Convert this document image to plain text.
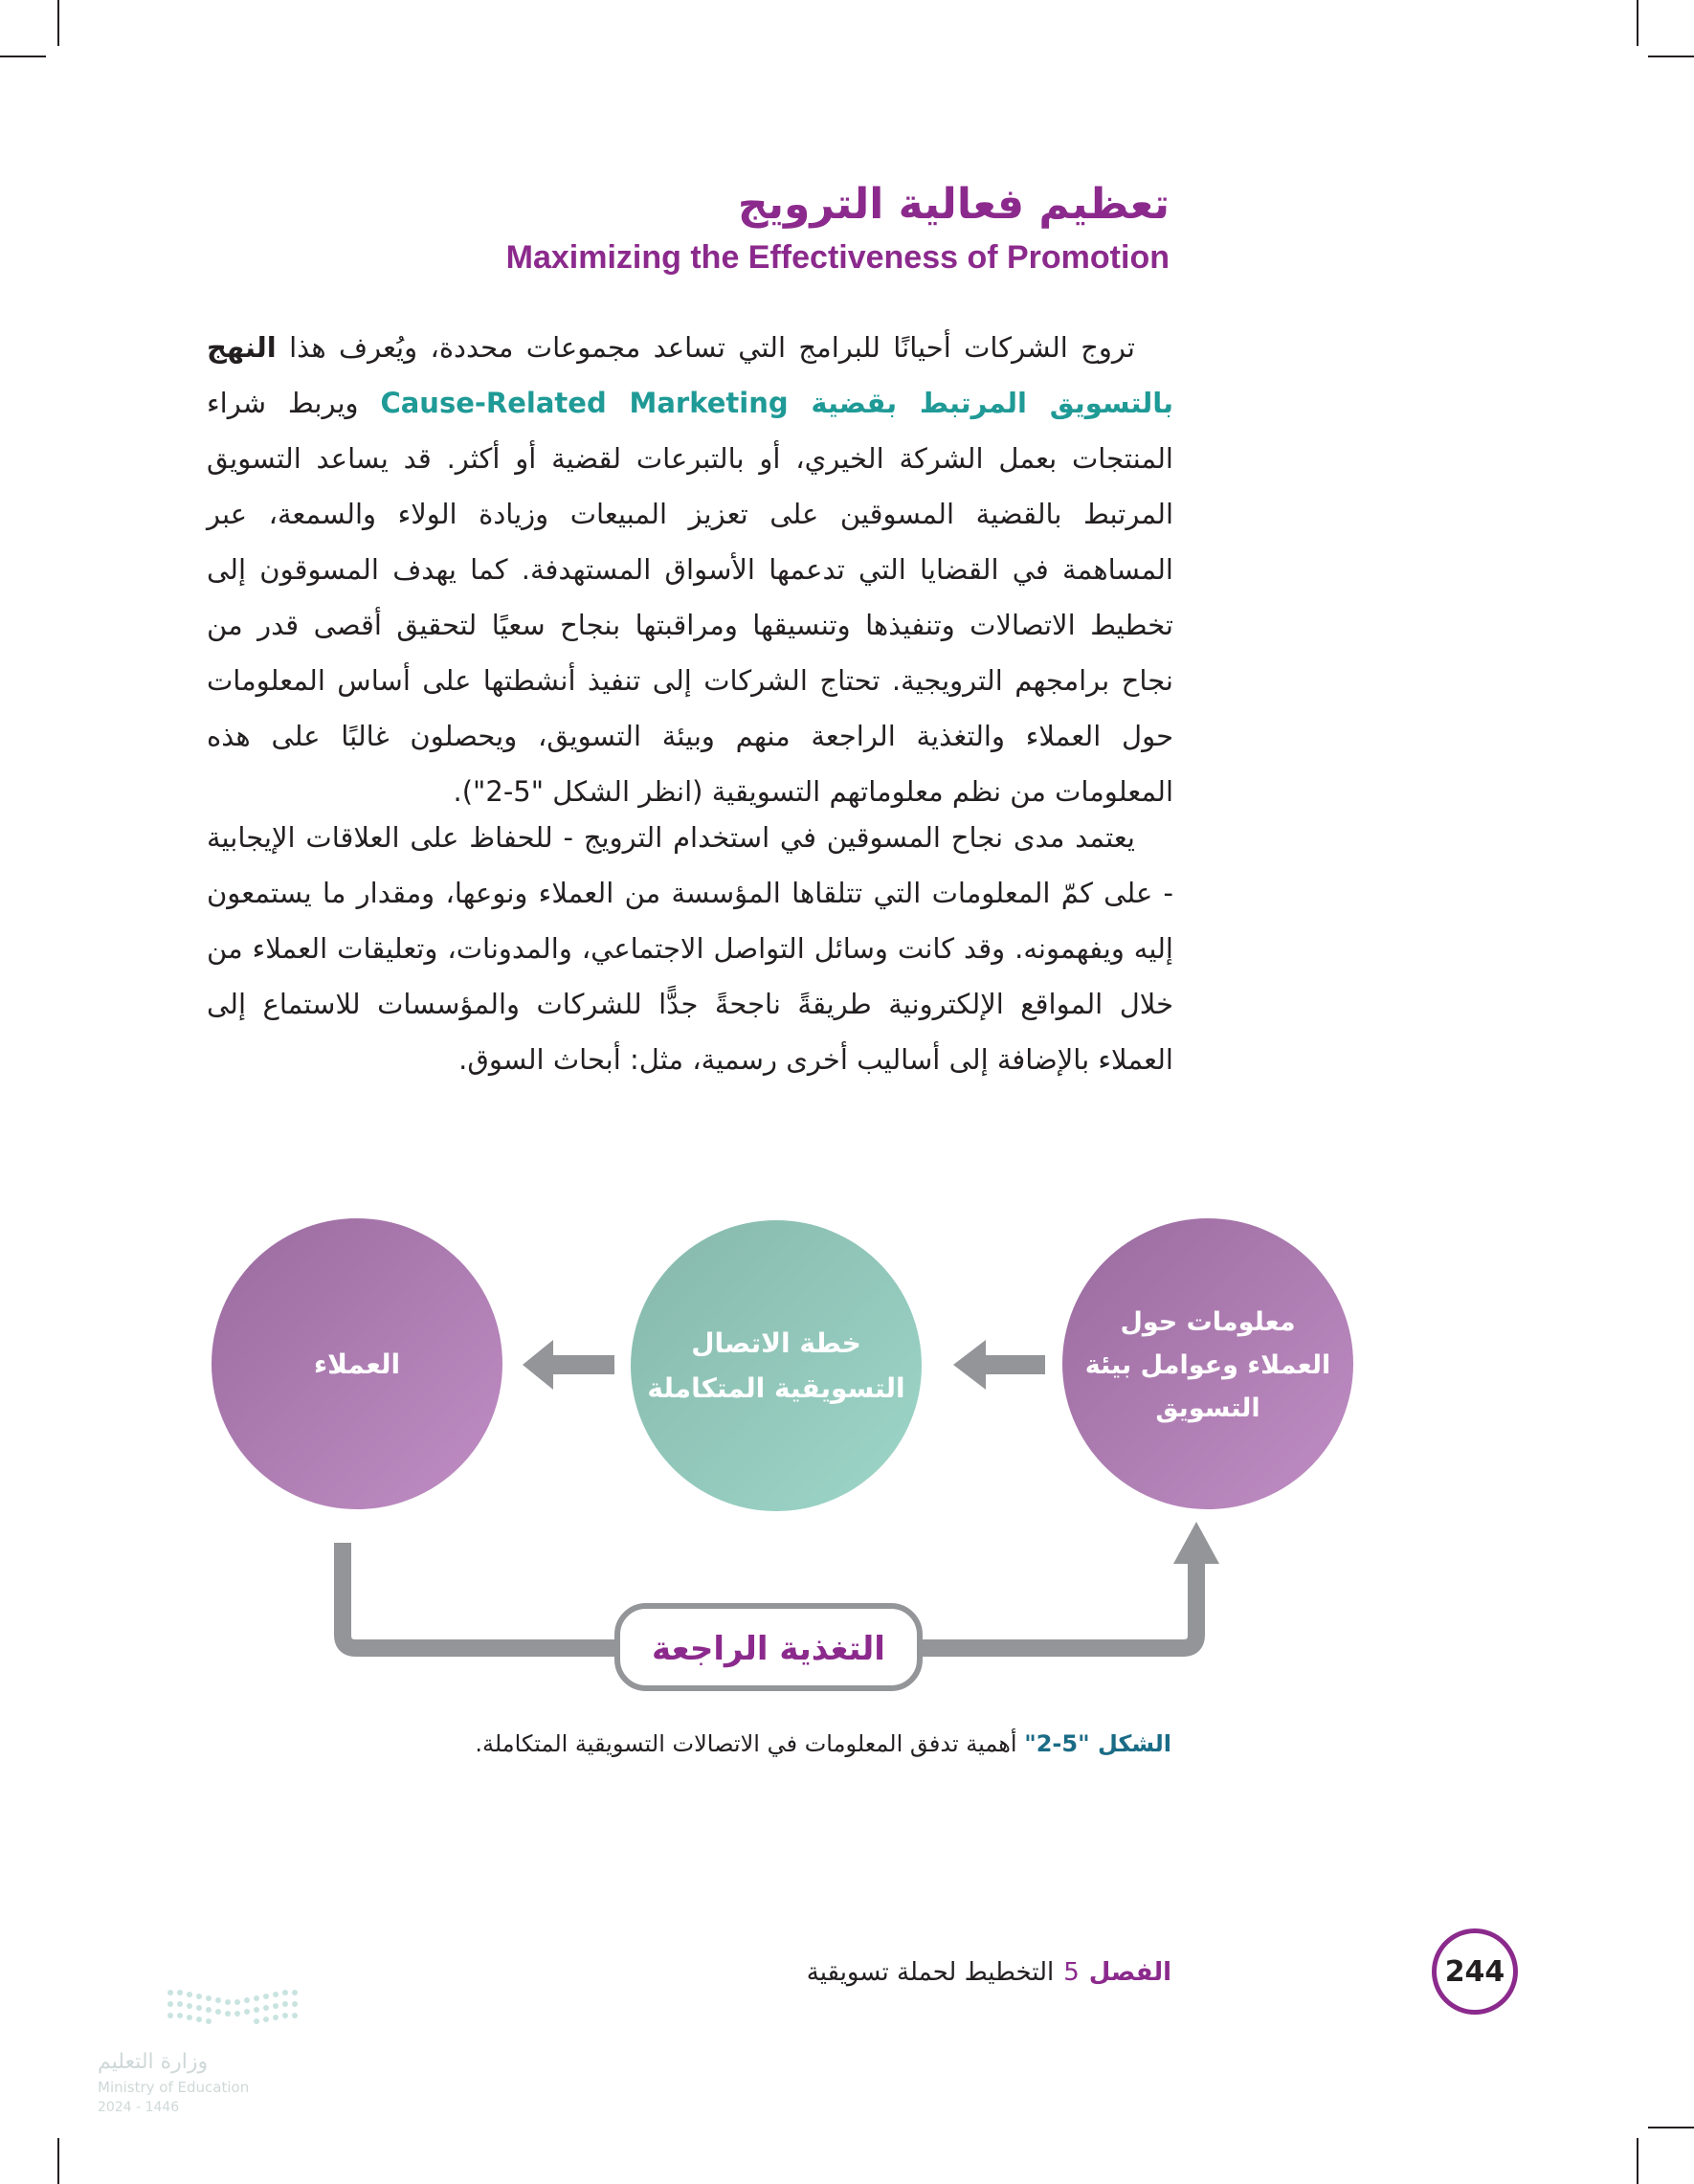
تعظيم فعالية الترويج
Maximizing the Effectiveness of Promotion

تروج الشركات أحيانًا للبرامج التي تساعد مجموعات محددة، ويُعرف هذا النهج بالتسويق المرتبط بقضية Cause-Related Marketing ويربط شراء المنتجات بعمل الشركة الخيري، أو بالتبرعات لقضية أو أكثر. قد يساعد التسويق المرتبط بالقضية المسوقين على تعزيز المبيعات وزيادة الولاء والسمعة، عبر المساهمة في القضايا التي تدعمها الأسواق المستهدفة. كما يهدف المسوقون إلى تخطيط الاتصالات وتنفيذها وتنسيقها ومراقبتها بنجاح سعيًا لتحقيق أقصى قدر من نجاح برامجهم الترويجية. تحتاج الشركات إلى تنفيذ أنشطتها على أساس المعلومات حول العملاء والتغذية الراجعة منهم وبيئة التسويق، ويحصلون غالبًا على هذه المعلومات من نظم معلوماتهم التسويقية (انظر الشكل "5-2").

يعتمد مدى نجاح المسوقين في استخدام الترويج - للحفاظ على العلاقات الإيجابية - على كمّ المعلومات التي تتلقاها المؤسسة من العملاء ونوعها، ومقدار ما يستمعون إليه ويفهمونه. وقد كانت وسائل التواصل الاجتماعي، والمدونات، وتعليقات العملاء من خلال المواقع الإلكترونية طريقةً ناجحةً جدًّا للشركات والمؤسسات للاستماع إلى العملاء بالإضافة إلى أساليب أخرى رسمية، مثل: أبحاث السوق.

العملاء
خطة الاتصال
التسويقية المتكاملة
معلومات حول
العملاء وعوامل بيئة
التسويق
التغذية الراجعة
الشكل "5-2" أهمية تدفق المعلومات في الاتصالات التسويقية المتكاملة.
الفصل5التخطيط لحملة تسويقية	244
وزارة التعليم
Ministry of Education
2024 - 1446
